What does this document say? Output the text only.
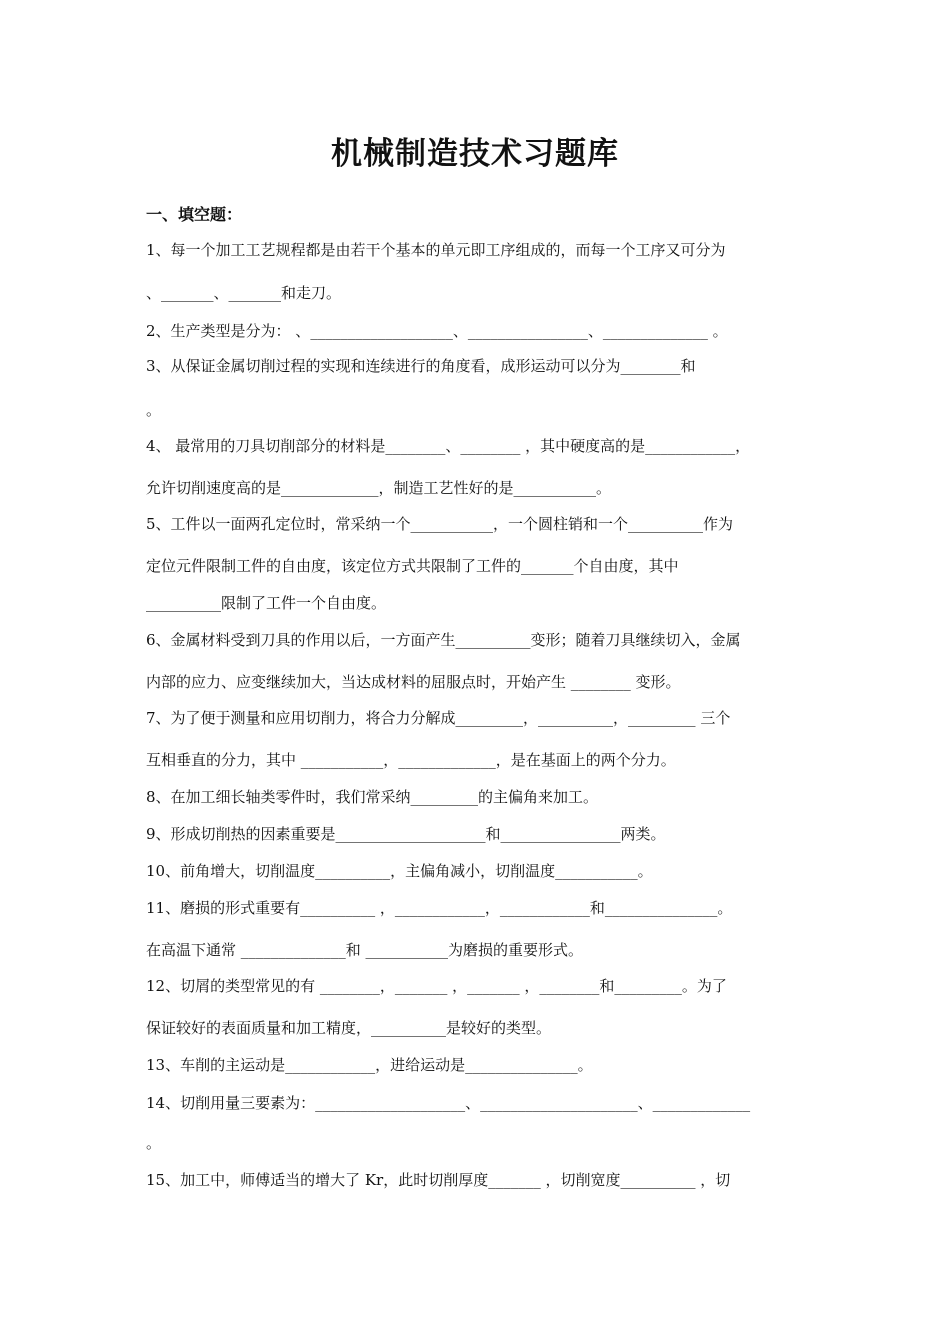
机械制造技术习题库
一、填空题：
1、每一个加工工艺规程都是由若干个基本的单元即工序组成的，而每一个工序又可分为
、_______、_______和走刀。
2、生产类型是分为： 、___________________、________________、______________ 。
3、从保证金属切削过程的实现和连续进行的角度看，成形运动可以分为________和
。
4、 最常用的刀具切削部分的材料是________、________ ，其中硬度高的是____________，
允许切削速度高的是_____________，制造工艺性好的是___________。
5、工件以一面两孔定位时，常采纳一个___________，一个圆柱销和一个__________作为
定位元件限制工件的自由度，该定位方式共限制了工件的_______个自由度，其中
__________限制了工件一个自由度。
6、金属材料受到刀具的作用以后，一方面产生__________变形；随着刀具继续切入，金属
内部的应力、应变继续加大，当达成材料的屈服点时，开始产生 ________ 变形。
7、为了便于测量和应用切削力，将合力分解成_________，__________，_________ 三个
互相垂直的分力，其中 ___________，_____________，是在基面上的两个分力。
8、在加工细长轴类零件时，我们常采纳_________的主偏角来加工。
9、形成切削热的因素重要是____________________和________________两类。
10、前角增大，切削温度__________，主偏角减小，切削温度___________。
11、磨损的形式重要有__________ ，____________，____________和_______________。
在高温下通常 ______________和 ___________为磨损的重要形式。
12、切屑的类型常见的有 ________，_______ ，_______ ，________和_________。为了
保证较好的表面质量和加工精度，__________是较好的类型。
13、车削的主运动是____________，进给运动是_______________。
14、切削用量三要素为：____________________、_____________________、_____________
。
15、加工中，师傅适当的增大了 Kr，此时切削厚度_______ ，切削宽度__________ ，切
